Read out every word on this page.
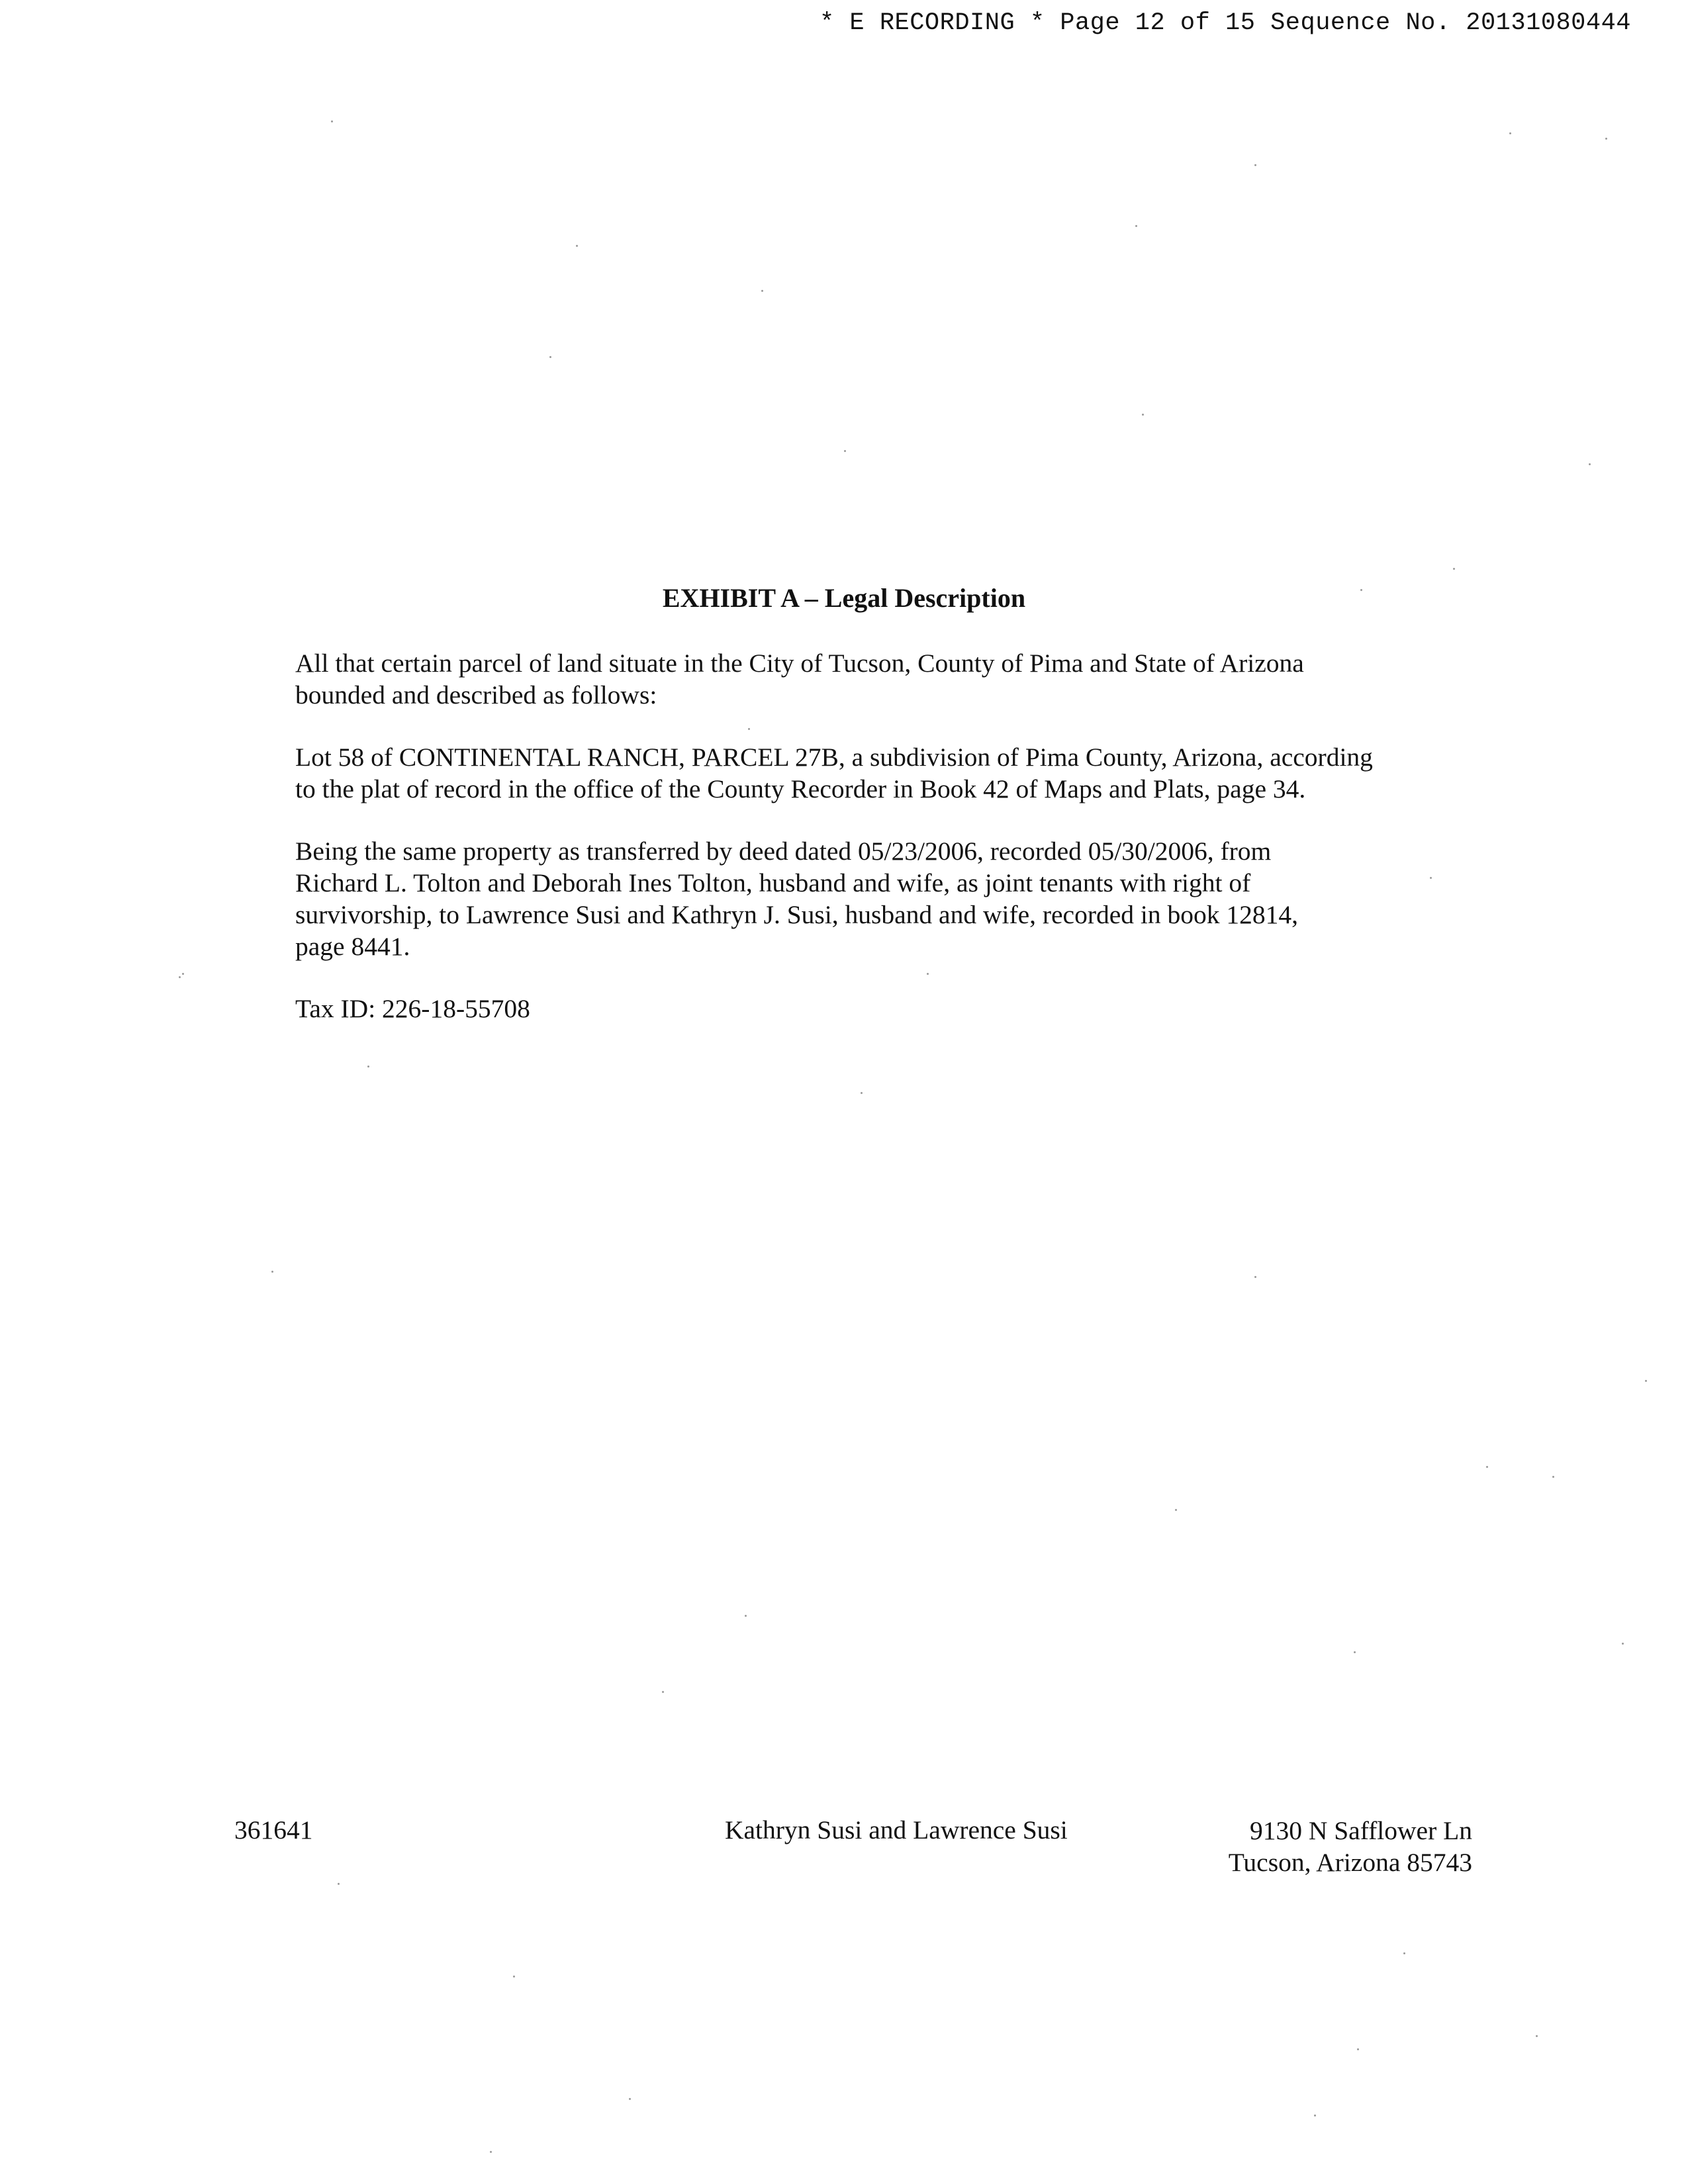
* E RECORDING * Page 12 of 15 Sequence No. 20131080444
EXHIBIT A – Legal Description
All that certain parcel of land situate in the City of Tucson, County of Pima and State of Arizona
bounded and described as follows:
Lot 58 of CONTINENTAL RANCH, PARCEL 27B, a subdivision of Pima County, Arizona, according
to the plat of record in the office of the County Recorder in Book 42 of Maps and Plats, page 34.
Being the same property as transferred by deed dated 05/23/2006, recorded 05/30/2006, from
Richard L. Tolton and Deborah Ines Tolton, husband and wife, as joint tenants with right of
survivorship, to Lawrence Susi and Kathryn J. Susi, husband and wife, recorded in book 12814,
page 8441.
Tax ID: 226-18-55708
361641	Kathryn Susi and Lawrence Susi	9130 N Safflower Ln
Tucson, Arizona 85743
